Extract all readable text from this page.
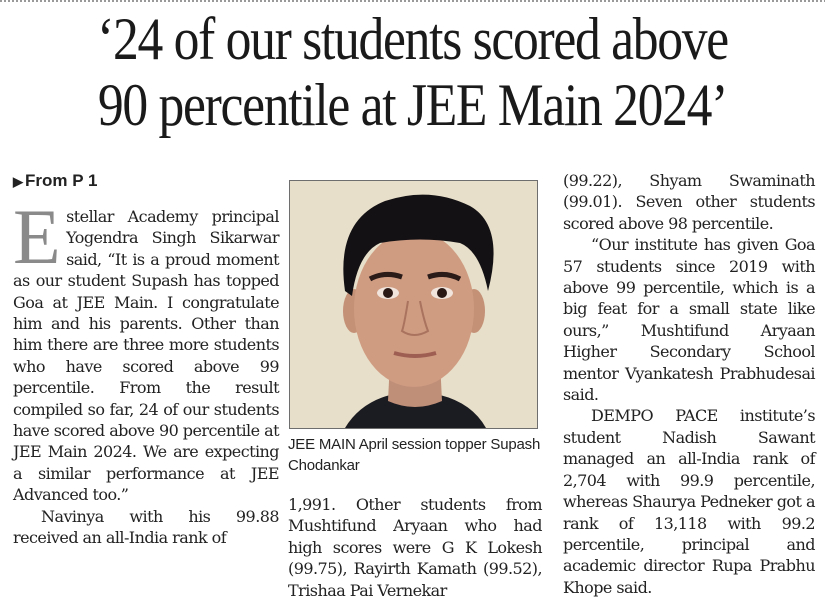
‘24 of our students scored above
90 percentile at JEE Main 2024’
▶ From P 1

Estellar Academy principal Yogendra Singh Sikarwar said, “It is a proud moment as our student Supash has topped Goa at JEE Main. I congratulate him and his parents. Other than him there are three more students who have scored above 99 percentile. From the result compiled so far, 24 of our students have scored above 90 percentile at JEE Main 2024. We are expecting a similar performance at JEE Advanced too.”

Navinya with his 99.88 received an all-India rank of

JEE MAIN April session topper Supash Chodankar

1,991. Other students from Mushtifund Aryaan who had high scores were G K Lokesh (99.75), Rayirth Kamath (99.52), Trishaa Pai Vernekar

(99.22), Shyam Swaminath (99.01). Seven other students scored above 98 percentile.

“Our institute has given Goa 57 students since 2019 with above 99 percentile, which is a big feat for a small state like ours,” Mushtifund Aryaan Higher Secondary School mentor Vyankatesh Prabhudesai said.

DEMPO PACE institute’s student Nadish Sawant managed an all-India rank of 2,704 with 99.9 percentile, whereas Shaurya Pedneker got a rank of 13,118 with 99.2 percentile, principal and academic director Rupa Prabhu Khope said.
